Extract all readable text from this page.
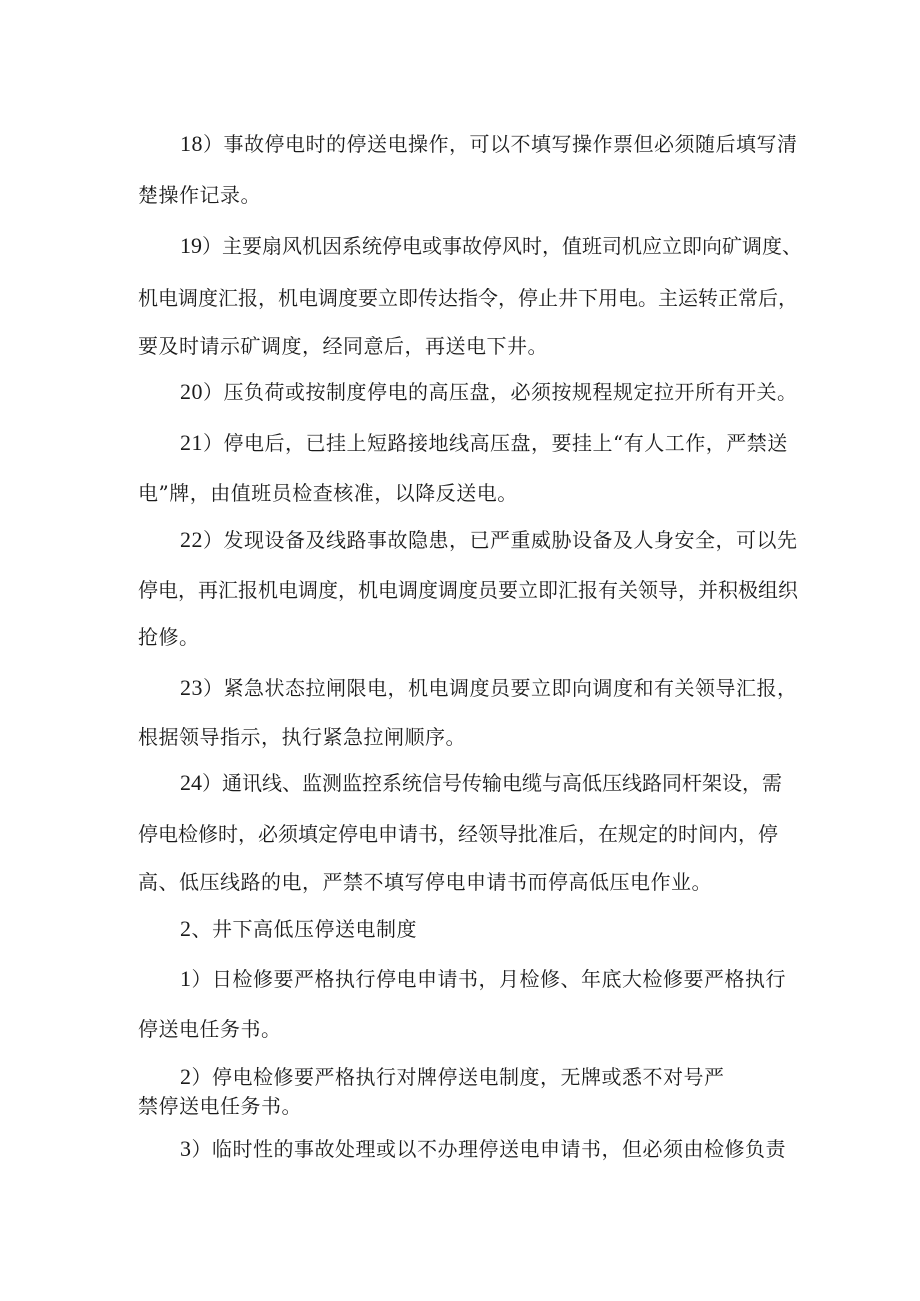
18）事故停电时的停送电操作，可以不填写操作票但必须随后填写清
楚操作记录。
19）主要扇风机因系统停电或事故停风时，值班司机应立即向矿调度、
机电调度汇报，机电调度要立即传达指令，停止井下用电。主运转正常后，
要及时请示矿调度，经同意后，再送电下井。
20）压负荷或按制度停电的高压盘，必须按规程规定拉开所有开关。
21）停电后，已挂上短路接地线高压盘，要挂上“有人工作，严禁送
电”牌，由值班员检查核准，以降反送电。
22）发现设备及线路事故隐患，已严重威胁设备及人身安全，可以先
停电，再汇报机电调度，机电调度调度员要立即汇报有关领导，并积极组织
抢修。
23）紧急状态拉闸限电，机电调度员要立即向调度和有关领导汇报，
根据领导指示，执行紧急拉闸顺序。
24）通讯线、监测监控系统信号传输电缆与高低压线路同杆架设，需
停电检修时，必须填定停电申请书，经领导批准后，在规定的时间内，停
高、低压线路的电，严禁不填写停电申请书而停高低压电作业。
2、井下高低压停送电制度
1）日检修要严格执行停电申请书，月检修、年底大检修要严格执行
停送电任务书。
2）停电检修要严格执行对牌停送电制度，无牌或悉不对号严
禁停送电任务书。
3）临时性的事故处理或以不办理停送电申请书，但必须由检修负责
